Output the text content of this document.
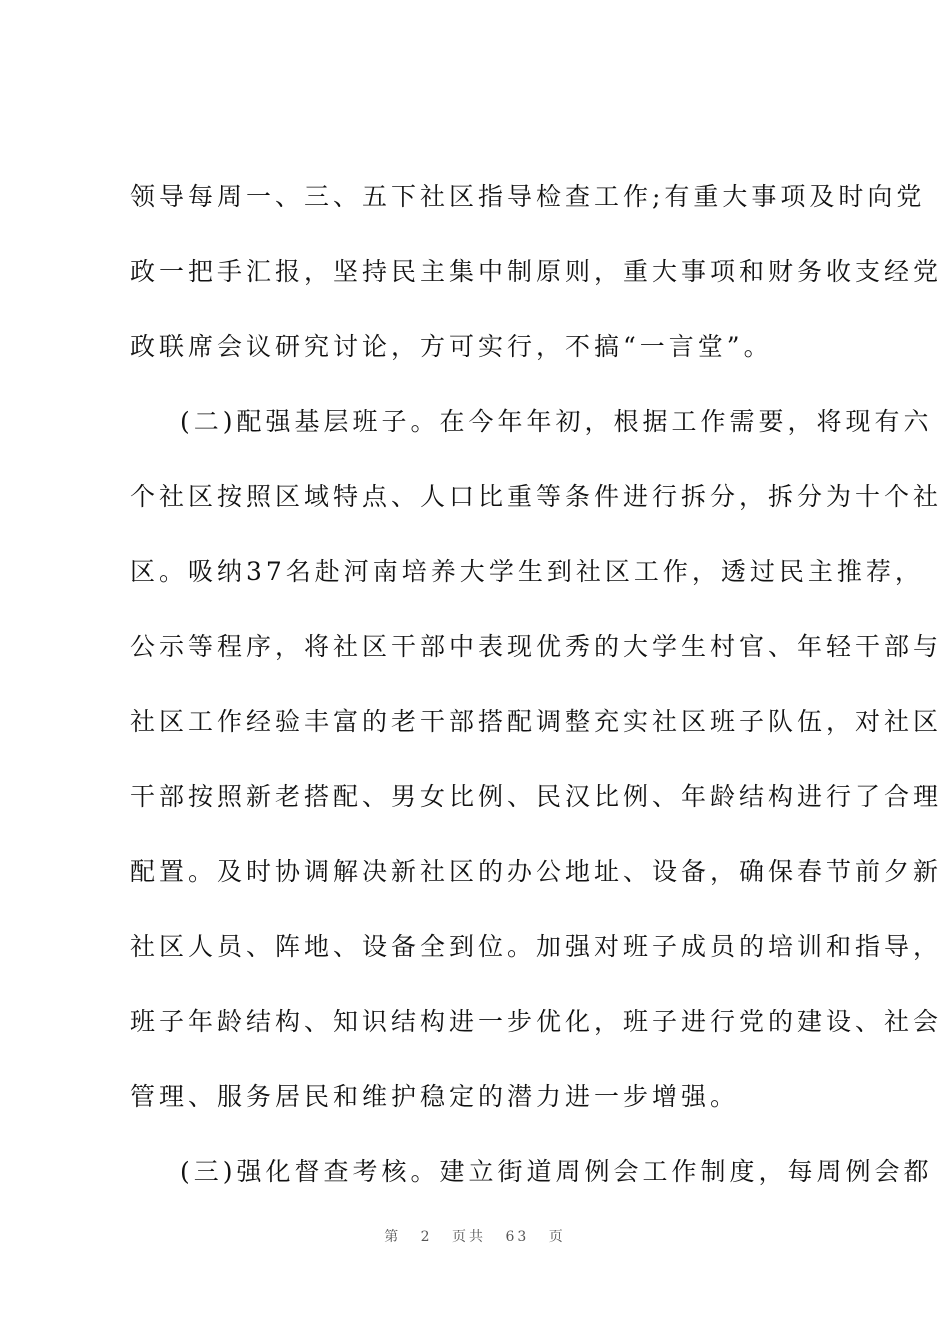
领导每周一、三、五下社区指导检查工作;有重大事项及时向党
政一把手汇报，坚持民主集中制原则，重大事项和财务收支经党
政联席会议研究讨论，方可实行，不搞“一言堂”。
(二)配强基层班子。在今年年初，根据工作需要，将现有六
个社区按照区域特点、人口比重等条件进行拆分，拆分为十个社
区。吸纳37名赴河南培养大学生到社区工作，透过民主推荐，
公示等程序，将社区干部中表现优秀的大学生村官、年轻干部与
社区工作经验丰富的老干部搭配调整充实社区班子队伍，对社区
干部按照新老搭配、男女比例、民汉比例、年龄结构进行了合理
配置。及时协调解决新社区的办公地址、设备，确保春节前夕新
社区人员、阵地、设备全到位。加强对班子成员的培训和指导，
班子年龄结构、知识结构进一步优化，班子进行党的建设、社会
管理、服务居民和维护稳定的潜力进一步增强。
(三)强化督查考核。建立街道周例会工作制度，每周例会都
第 2 页共 63 页
